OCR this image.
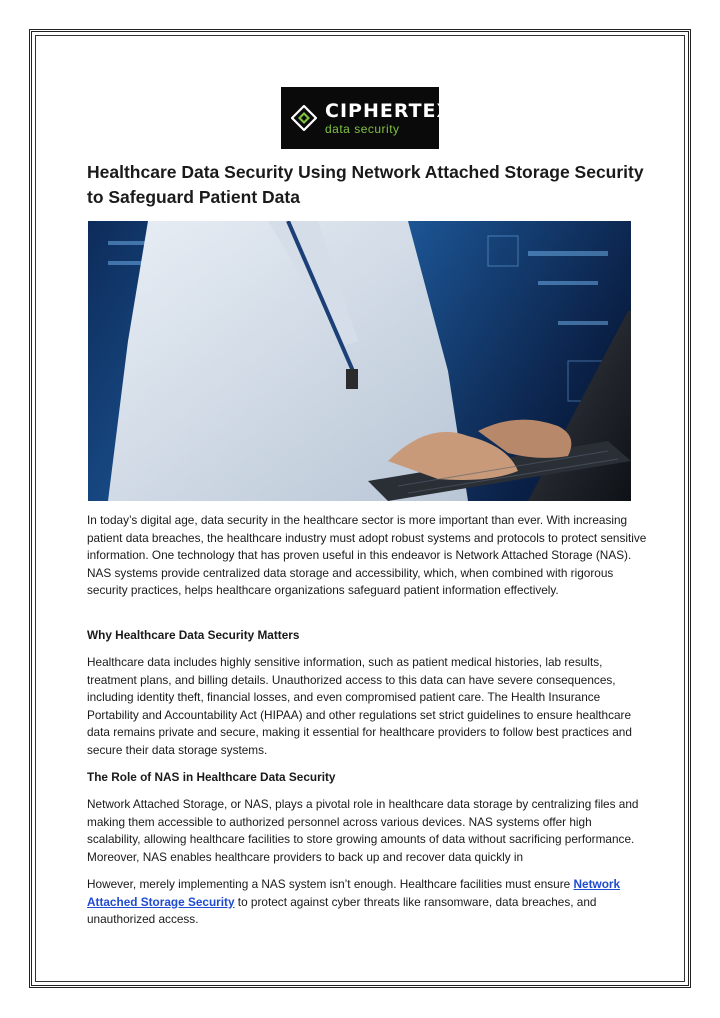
CIPHERTEX®
data security
Healthcare Data Security Using Network Attached Storage Security to Safeguard Patient Data

In today’s digital age, data security in the healthcare sector is more important than ever. With increasing patient data breaches, the healthcare industry must adopt robust systems and protocols to protect sensitive information. One technology that has proven useful in this endeavor is Network Attached Storage (NAS). NAS systems provide centralized data storage and accessibility, which, when combined with rigorous security practices, helps healthcare organizations safeguard patient information effectively.

Why Healthcare Data Security Matters

Healthcare data includes highly sensitive information, such as patient medical histories, lab results, treatment plans, and billing details. Unauthorized access to this data can have severe consequences, including identity theft, financial losses, and even compromised patient care. The Health Insurance Portability and Accountability Act (HIPAA) and other regulations set strict guidelines to ensure healthcare data remains private and secure, making it essential for healthcare providers to follow best practices and secure their data storage systems.

The Role of NAS in Healthcare Data Security

Network Attached Storage, or NAS, plays a pivotal role in healthcare data storage by centralizing files and making them accessible to authorized personnel across various devices. NAS systems offer high scalability, allowing healthcare facilities to store growing amounts of data without sacrificing performance. Moreover, NAS enables healthcare providers to back up and recover data quickly in

However, merely implementing a NAS system isn’t enough. Healthcare facilities must ensure Network Attached Storage Security to protect against cyber threats like ransomware, data breaches, and unauthorized access.
